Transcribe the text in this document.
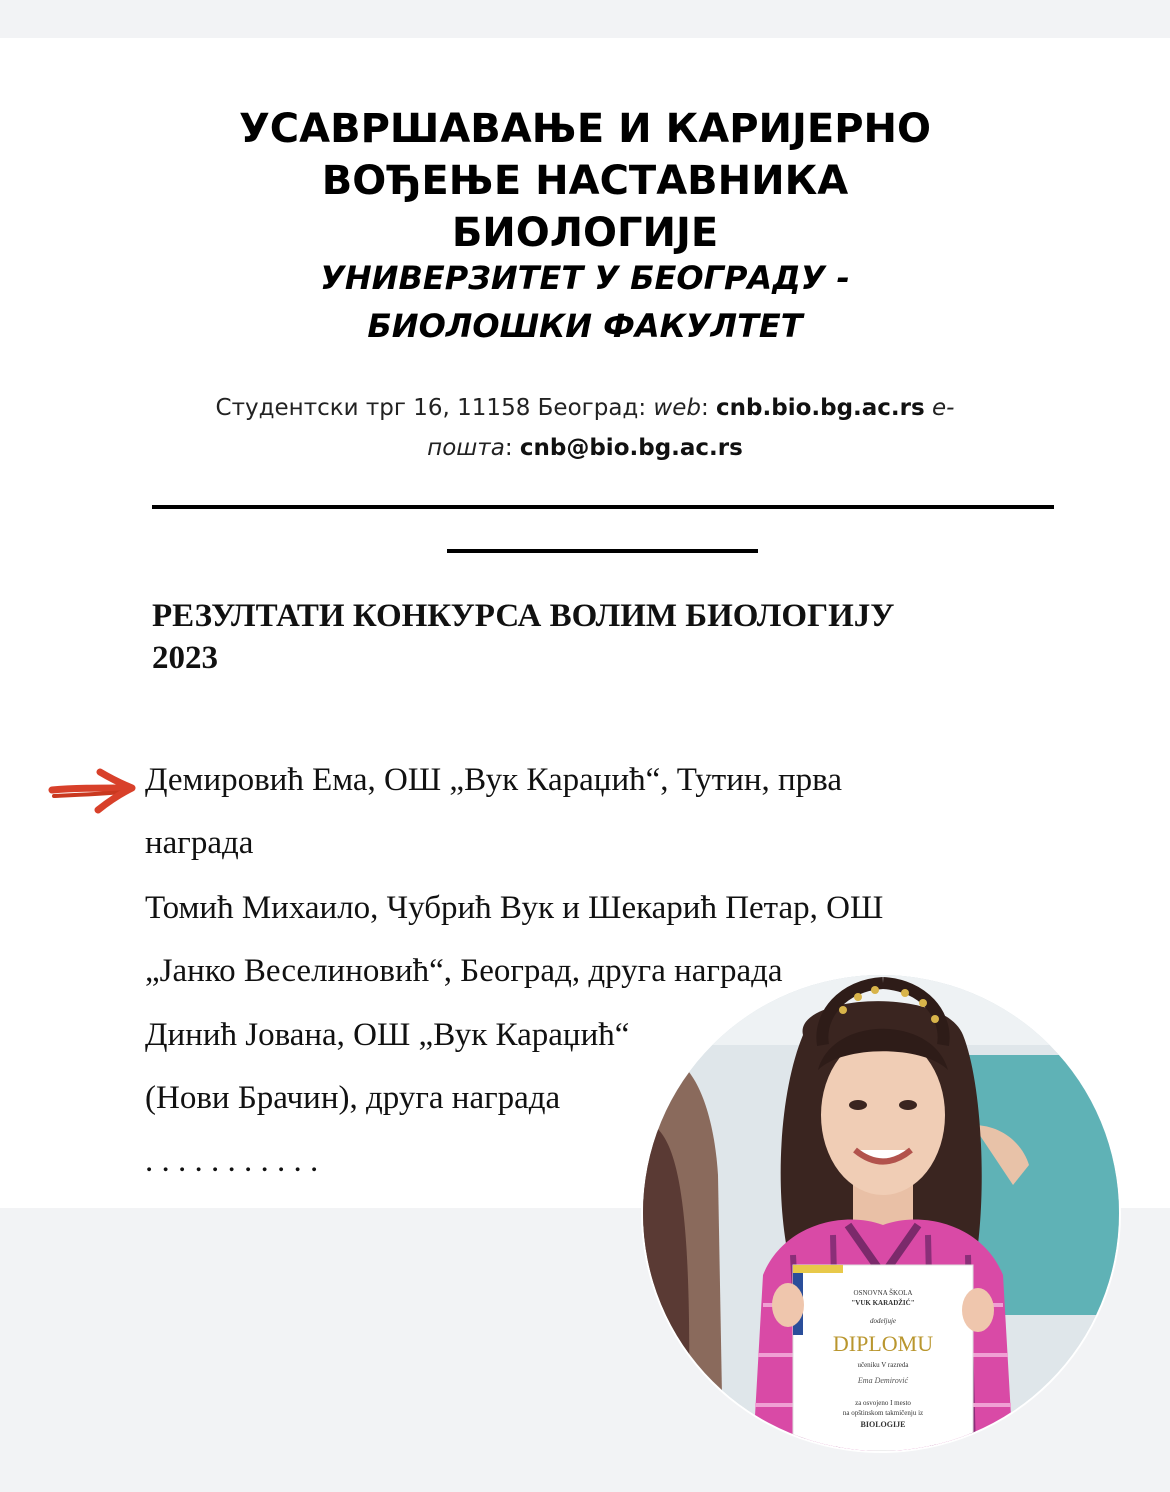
УСАВРШАВАЊЕ И КАРИЈЕРНО
ВОЂЕЊЕ НАСТАВНИКА
БИОЛОГИЈЕ
УНИВЕРЗИТЕТ У БЕОГРАДУ -
БИОЛОШКИ ФАКУЛТЕТ
Студентски трг 16, 11158 Београд: web: cnb.bio.bg.ac.rs е-
пошта: cnb@bio.bg.ac.rs
РЕЗУЛТАТИ КОНКУРСА ВОЛИМ БИОЛОГИЈУ
2023
Демировић Ема, ОШ „Вук Караџић“, Тутин, прва
награда
Томић Михаило, Чубрић Вук и Шекарић Петар, ОШ
„Јанко Веселиновић“, Београд, друга награда
Динић Јована, ОШ „Вук Караџић“
(Нови Брачин), друга награда
. . . . . . . . . . .
OSNOVNA ŠKOLA
"VUK KARADŽIĆ"
dodeljuje
DIPLOMU
učeniku V razreda
Ema Demirović
za osvojeno I mesto
na opštinskom takmičenju iz
BIOLOGIJE
